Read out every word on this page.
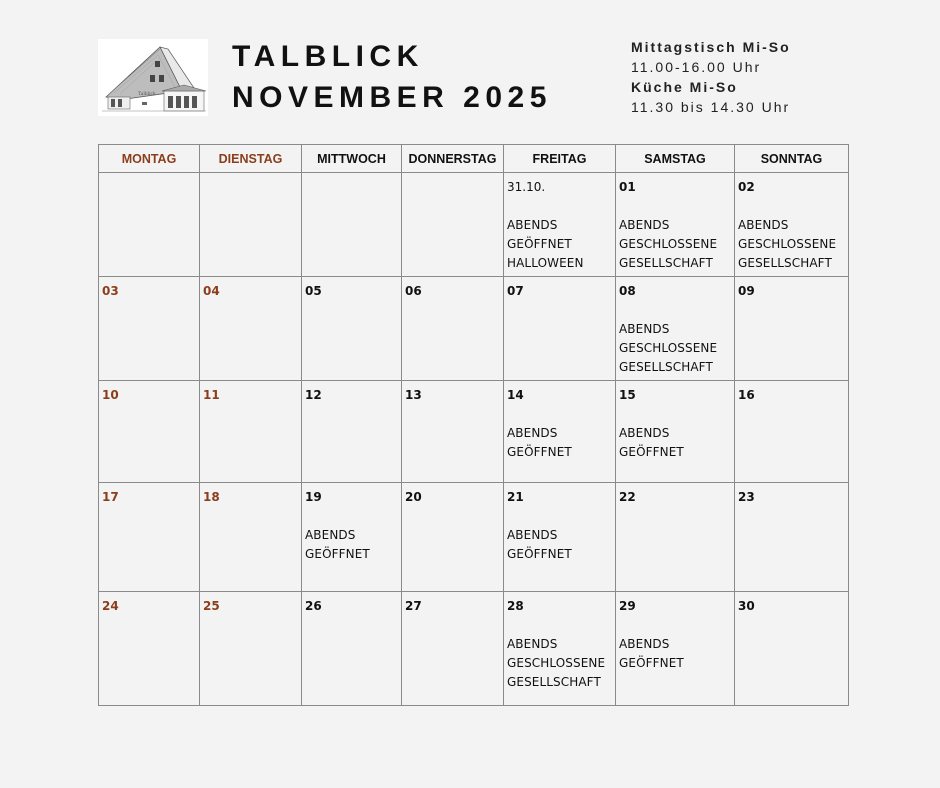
Talblick
TALBLICK
NOVEMBER 2025
Mittagstisch Mi-So
11.00-16.00 Uhr
Küche Mi-So
11.30 bis 14.30 Uhr
MONTAG	DIENSTAG	MITTWOCH	DONNERSTAG	FREITAG	SAMSTAG	SONNTAG

				31.10.
ABENDS
GEÖFFNET
HALLOWEEN	01
ABENDS
GESCHLOSSENE
GESELLSCHAFT	02
ABENDS
GESCHLOSSENE
GESELLSCHAFT

03	04	05	06	07	08
ABENDS
GESCHLOSSENE
GESELLSCHAFT	09

10	11	12	13	14
ABENDS
GEÖFFNET	15
ABENDS
GEÖFFNET	16

17	18	19
ABENDS
GEÖFFNET	20	21
ABENDS
GEÖFFNET	22	23

24	25	26	27	28
ABENDS
GESCHLOSSENE
GESELLSCHAFT	29
ABENDS
GEÖFFNET	30
